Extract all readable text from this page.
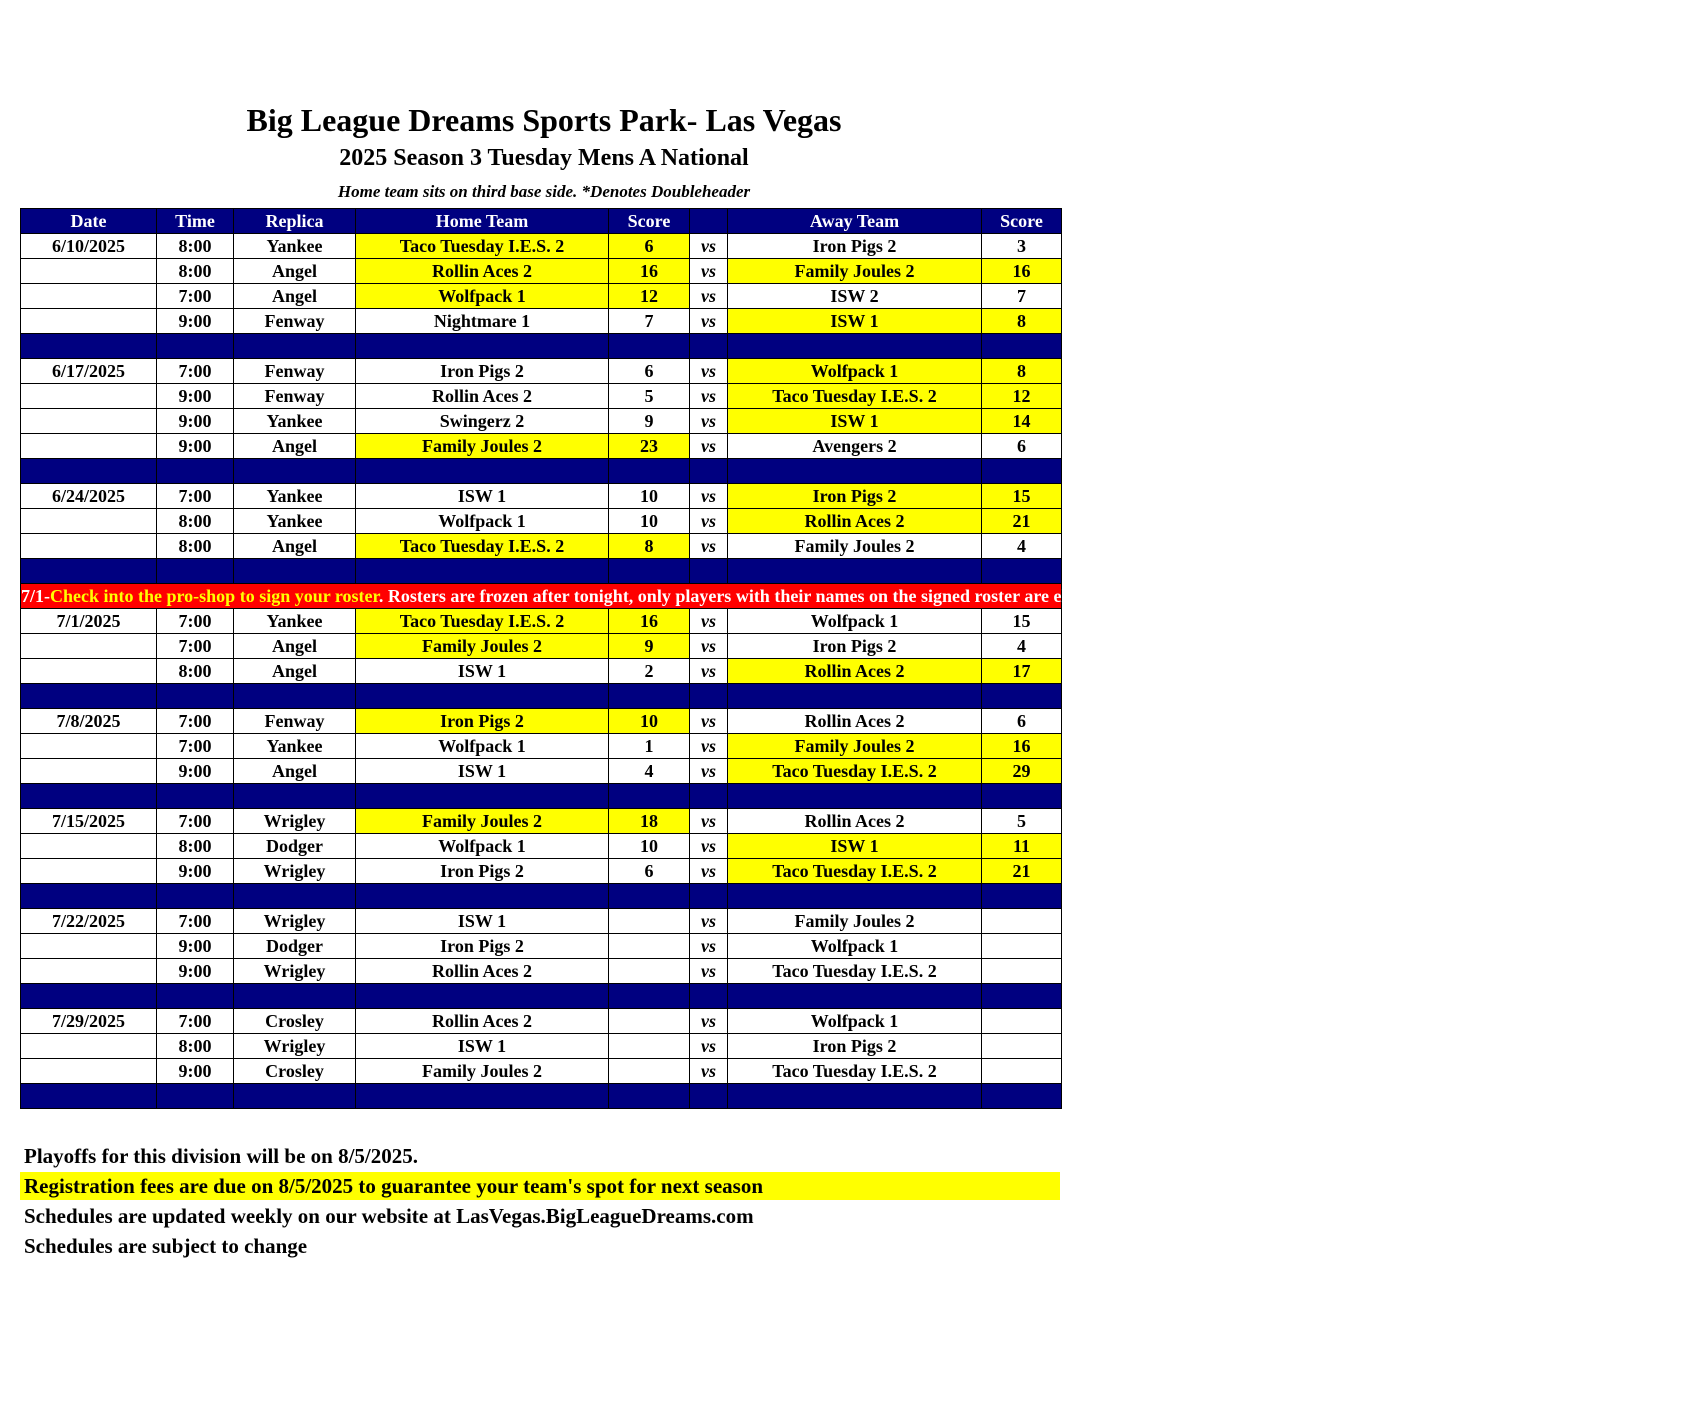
Big League Dreams Sports Park- Las Vegas
2025 Season 3 Tuesday Mens A National
Home team sits on third base side. *Denotes Doubleheader
Date	Time	Replica	Home Team	Score		Away Team	Score
6/10/2025	8:00	Yankee	Taco Tuesday I.E.S. 2	6	vs	Iron Pigs 2	3
	8:00	Angel	Rollin Aces 2	16	vs	Family Joules 2	16
	7:00	Angel	Wolfpack 1	12	vs	ISW 2	7
	9:00	Fenway	Nightmare 1	7	vs	ISW 1	8

6/17/2025	7:00	Fenway	Iron Pigs 2	6	vs	Wolfpack 1	8
	9:00	Fenway	Rollin Aces 2	5	vs	Taco Tuesday I.E.S. 2	12
	9:00	Yankee	Swingerz 2	9	vs	ISW 1	14
	9:00	Angel	Family Joules 2	23	vs	Avengers 2	6

6/24/2025	7:00	Yankee	ISW 1	10	vs	Iron Pigs 2	15
	8:00	Yankee	Wolfpack 1	10	vs	Rollin Aces 2	21
	8:00	Angel	Taco Tuesday I.E.S. 2	8	vs	Family Joules 2	4

7/1-Check into the pro-shop to sign your roster. Rosters are frozen after tonight, only players with their names on the signed roster are eligible for playoffs. Please check carefully as changes will not be made for omissions.							
7/1/2025	7:00	Yankee	Taco Tuesday I.E.S. 2	16	vs	Wolfpack 1	15
	7:00	Angel	Family Joules 2	9	vs	Iron Pigs 2	4
	8:00	Angel	ISW 1	2	vs	Rollin Aces 2	17

7/8/2025	7:00	Fenway	Iron Pigs 2	10	vs	Rollin Aces 2	6
	7:00	Yankee	Wolfpack 1	1	vs	Family Joules 2	16
	9:00	Angel	ISW 1	4	vs	Taco Tuesday I.E.S. 2	29

7/15/2025	7:00	Wrigley	Family Joules 2	18	vs	Rollin Aces 2	5
	8:00	Dodger	Wolfpack 1	10	vs	ISW 1	11
	9:00	Wrigley	Iron Pigs 2	6	vs	Taco Tuesday I.E.S. 2	21

7/22/2025	7:00	Wrigley	ISW 1		vs	Family Joules 2	
	9:00	Dodger	Iron Pigs 2		vs	Wolfpack 1	
	9:00	Wrigley	Rollin Aces 2		vs	Taco Tuesday I.E.S. 2	

7/29/2025	7:00	Crosley	Rollin Aces 2		vs	Wolfpack 1	
	8:00	Wrigley	ISW 1		vs	Iron Pigs 2	
	9:00	Crosley	Family Joules 2		vs	Taco Tuesday I.E.S. 2	

Playoffs for this division will be on 8/5/2025.
Registration fees are due on 8/5/2025 to guarantee your team's spot for next season
Schedules are updated weekly on our website at LasVegas.BigLeagueDreams.com
Schedules are subject to change
